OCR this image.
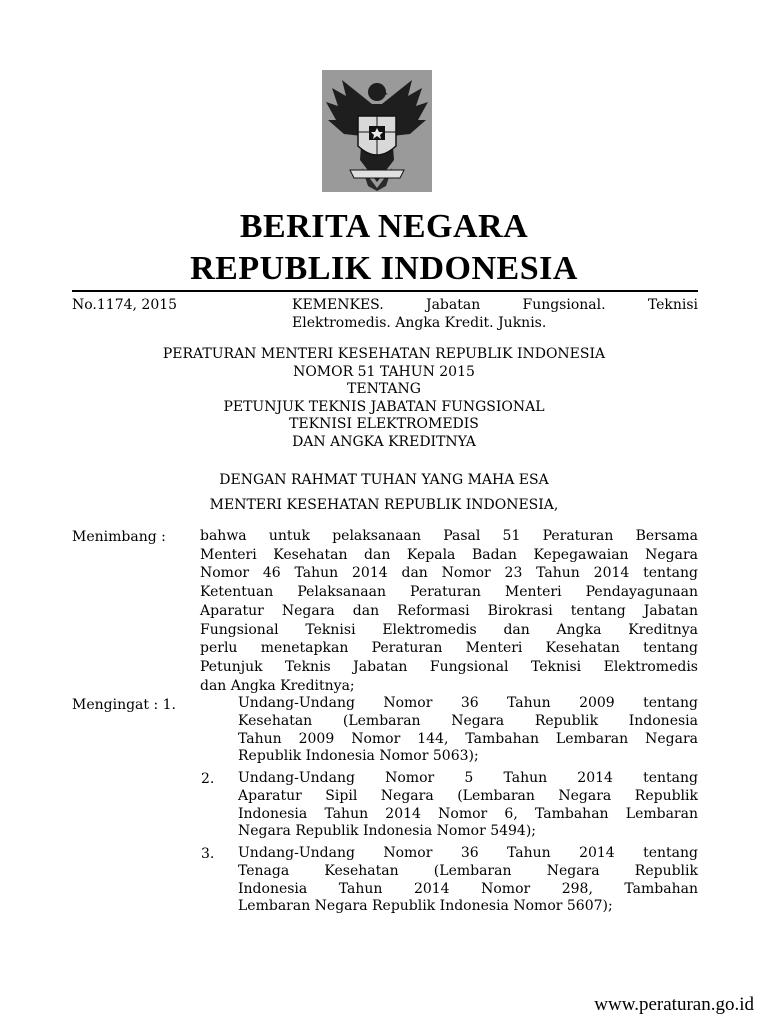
BERITA NEGARA
REPUBLIK INDONESIA
No.1174, 2015	KEMENKES. Jabatan Fungsional. Teknisi
Elektromedis. Angka Kredit. Juknis.
PERATURAN MENTERI KESEHATAN REPUBLIK INDONESIA
NOMOR 51 TAHUN 2015
TENTANG
PETUNJUK TEKNIS JABATAN FUNGSIONAL
TEKNISI ELEKTROMEDIS
DAN ANGKA KREDITNYA
DENGAN RAHMAT TUHAN YANG MAHA ESA
MENTERI KESEHATAN REPUBLIK INDONESIA,
Menimbang : bahwa untuk pelaksanaan Pasal 51 Peraturan Bersama
Menteri Kesehatan dan Kepala Badan Kepegawaian Negara
Nomor 46 Tahun 2014 dan Nomor 23 Tahun 2014 tentang
Ketentuan Pelaksanaan Peraturan Menteri Pendayagunaan
Aparatur Negara dan Reformasi Birokrasi tentang Jabatan
Fungsional Teknisi Elektromedis dan Angka Kreditnya
perlu menetapkan Peraturan Menteri Kesehatan tentang
Petunjuk Teknis Jabatan Fungsional Teknisi Elektromedis
dan Angka Kreditnya;
Mengingat : 1.	Undang-Undang Nomor 36 Tahun 2009 tentang
Kesehatan (Lembaran Negara Republik Indonesia
Tahun 2009 Nomor 144, Tambahan Lembaran Negara
Republik Indonesia Nomor 5063);
2. Undang-Undang Nomor 5 Tahun 2014 tentang
Aparatur Sipil Negara (Lembaran Negara Republik
Indonesia Tahun 2014 Nomor 6, Tambahan Lembaran
Negara Republik Indonesia Nomor 5494);
3. Undang-Undang Nomor 36 Tahun 2014 tentang
Tenaga Kesehatan (Lembaran Negara Republik
Indonesia Tahun 2014 Nomor 298, Tambahan
Lembaran Negara Republik Indonesia Nomor 5607);
www.peraturan.go.id
